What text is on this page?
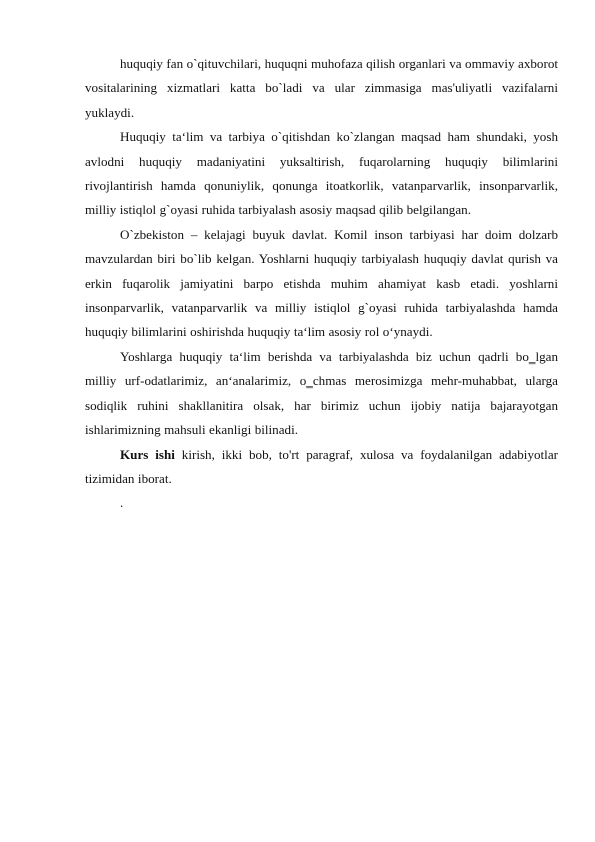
huquqiy fan o`qituvchilari, huquqni muhofaza qilish organlari va ommaviy axborot vositalarining xizmatlari katta bo`ladi va ular zimmasiga mas'uliyatli vazifalarni yuklaydi.

Huquqiy ta‘lim va tarbiya o`qitishdan ko`zlangan maqsad ham shundaki, yosh avlodni huquqiy madaniyatini yuksaltirish, fuqarolarning huquqiy bilimlarini rivojlantirish hamda qonuniylik, qonunga itoatkorlik, vatanparvarlik, insonparvarlik, milliy istiqlol g`oyasi ruhida tarbiyalash asosiy maqsad qilib belgilangan.

O`zbekiston – kelajagi buyuk davlat. Komil inson tarbiyasi har doim dolzarb mavzulardan biri bo`lib kelgan. Yoshlarni huquqiy tarbiyalash huquqiy davlat qurish va erkin fuqarolik jamiyatini barpo etishda muhim ahamiyat kasb etadi. yoshlarni insonparvarlik, vatanparvarlik va milliy istiqlol g`oyasi ruhida tarbiyalashda hamda huquqiy bilimlarini oshirishda huquqiy ta‘lim asosiy rol o‘ynaydi.

Yoshlarga huquqiy ta‘lim berishda va tarbiyalashda biz uchun qadrli bo‗lgan milliy urf-odatlarimiz, an‘analarimiz, o‗chmas merosimizga mehr-muhabbat, ularga sodiqlik ruhini shakllanitira olsak, har birimiz uchun ijobiy natija bajarayotgan ishlarimizning mahsuli ekanligi bilinadi.

Kurs ishi kirish, ikki bob, to'rt paragraf, xulosa va foydalanilgan adabiyotlar tizimidan iborat.

.
